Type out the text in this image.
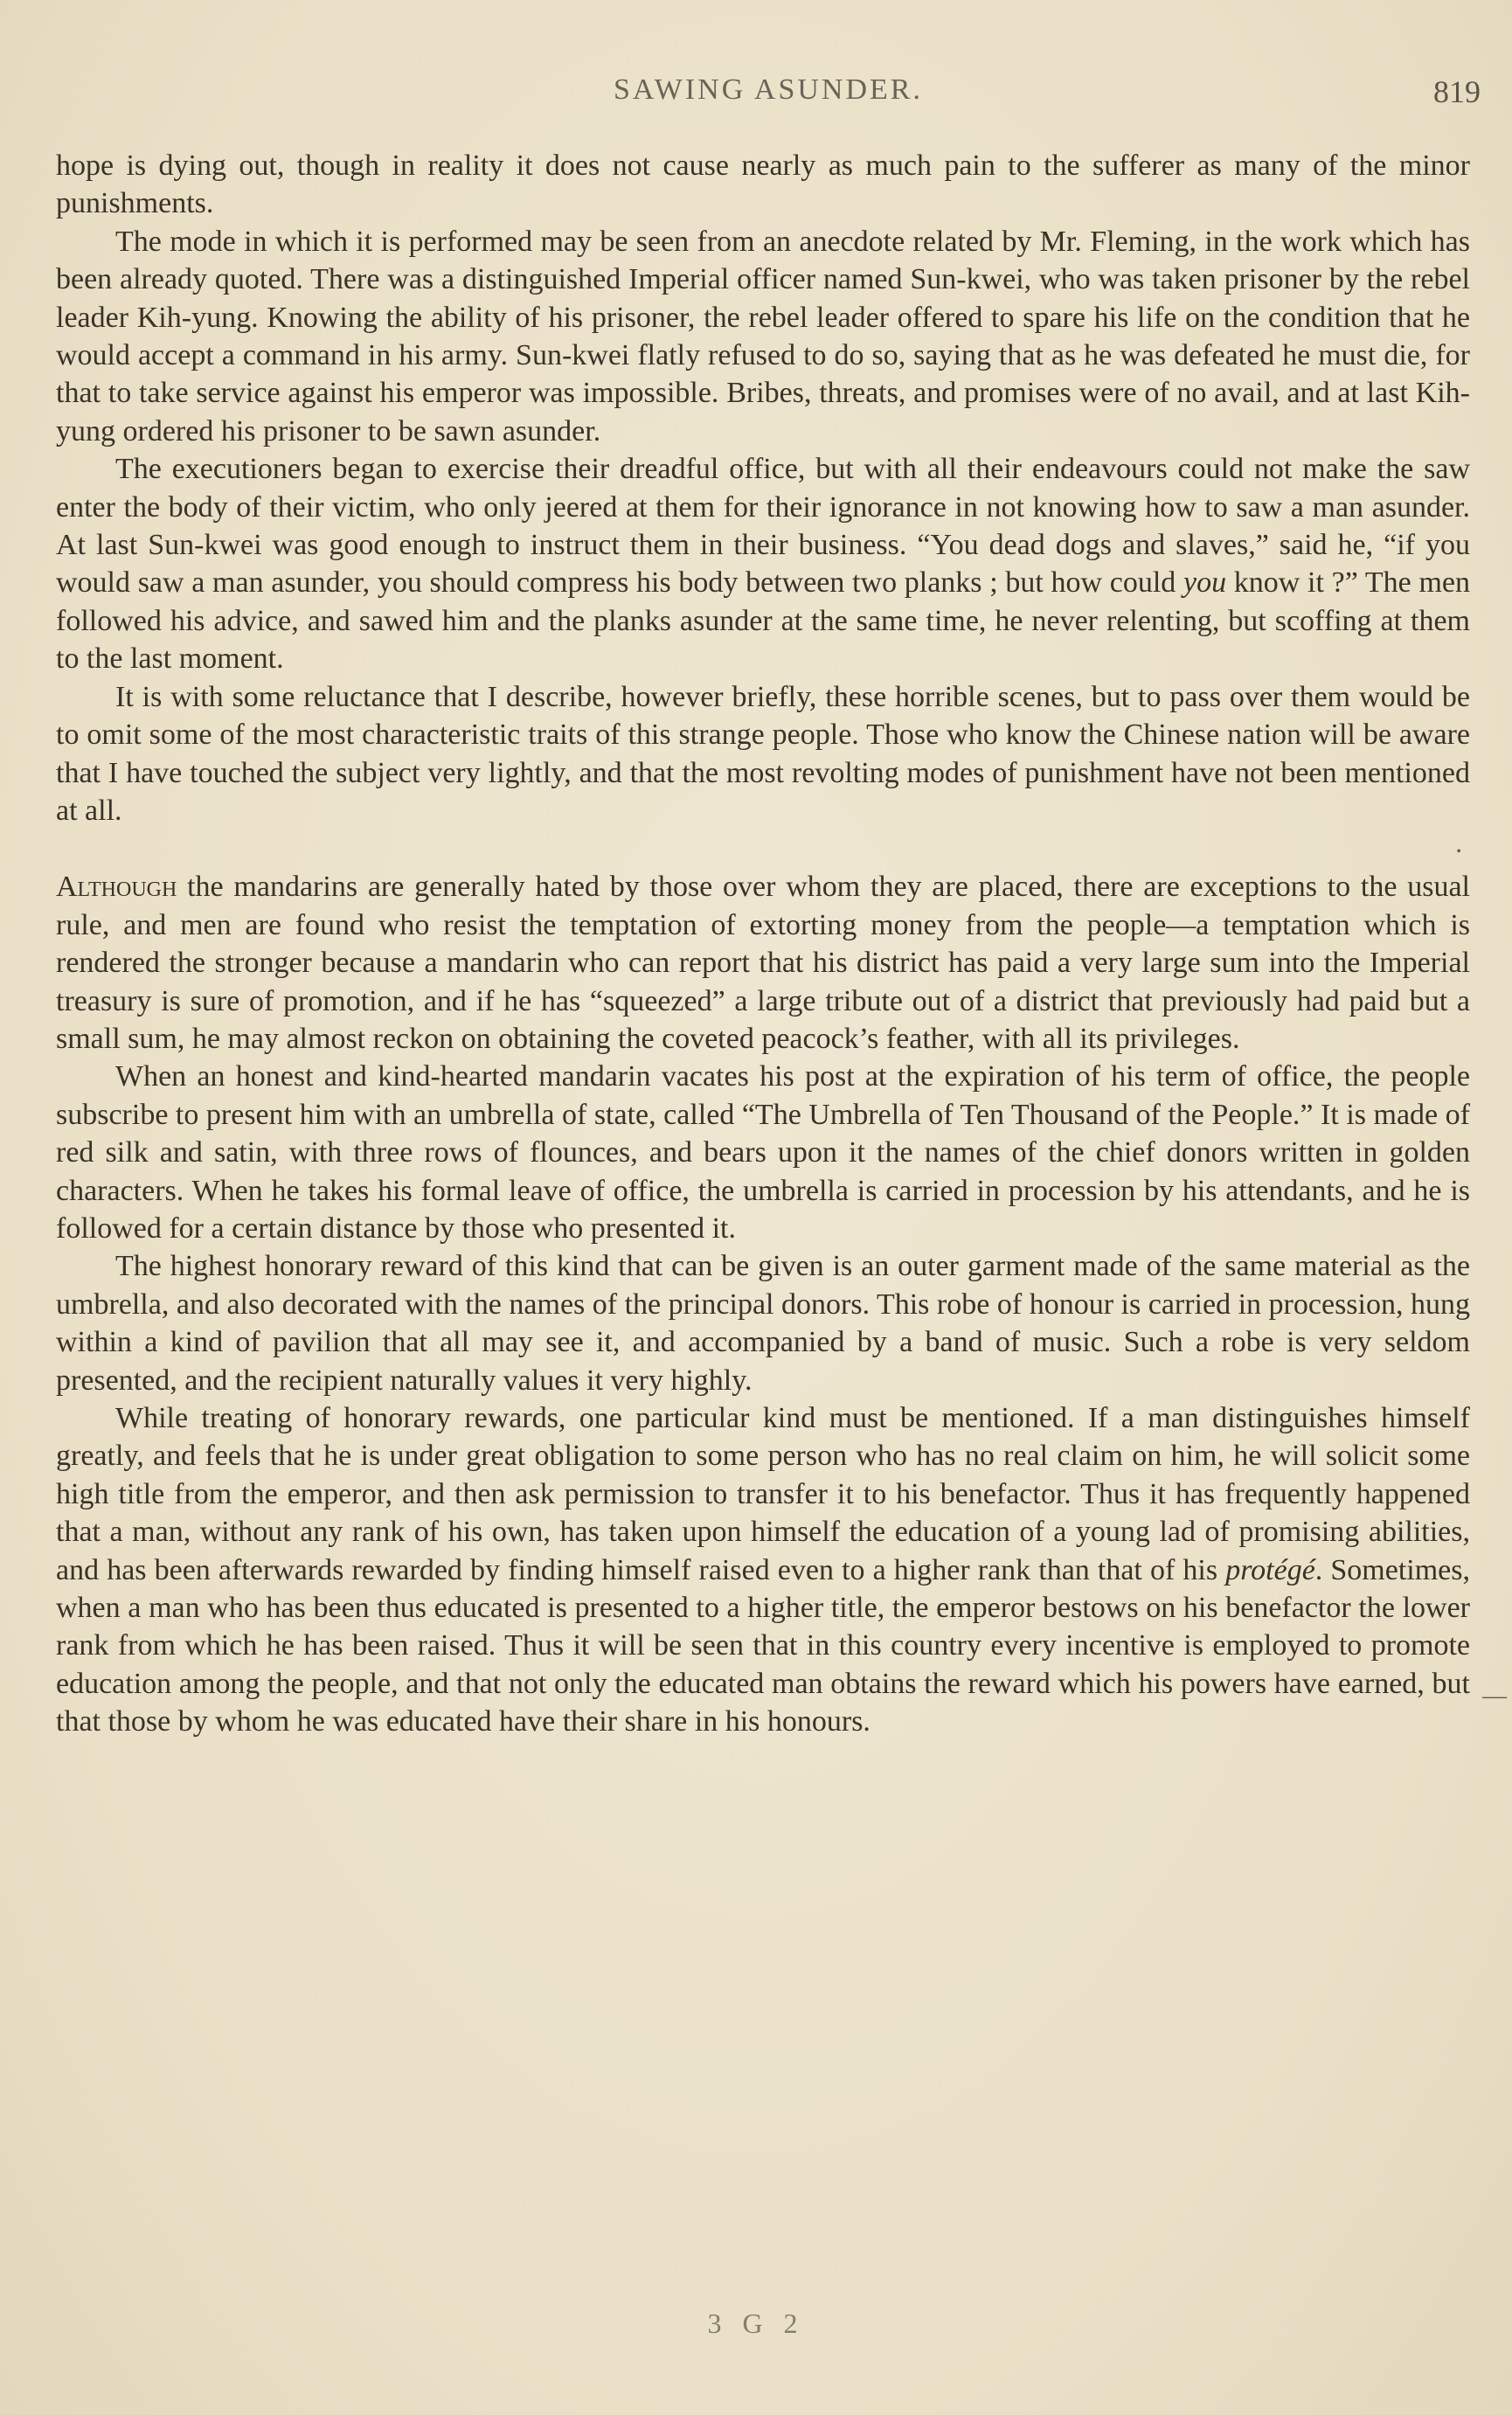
SAWING ASUNDER.	819

hope is dying out, though in reality it does not cause nearly as much pain to the sufferer as many of the minor punishments.

The mode in which it is performed may be seen from an anecdote related by Mr. Fleming, in the work which has been already quoted. There was a distinguished Imperial officer named Sun-kwei, who was taken prisoner by the rebel leader Kih-yung. Knowing the ability of his prisoner, the rebel leader offered to spare his life on the condition that he would accept a command in his army. Sun-kwei flatly refused to do so, saying that as he was defeated he must die, for that to take service against his emperor was impossible. Bribes, threats, and promises were of no avail, and at last Kih-yung ordered his prisoner to be sawn asunder.

The executioners began to exercise their dreadful office, but with all their endeavours could not make the saw enter the body of their victim, who only jeered at them for their ignorance in not knowing how to saw a man asunder. At last Sun-kwei was good enough to instruct them in their business. “You dead dogs and slaves,” said he, “if you would saw a man asunder, you should compress his body between two planks ; but how could you know it ?” The men followed his advice, and sawed him and the planks asunder at the same time, he never relenting, but scoffing at them to the last moment.

It is with some reluctance that I describe, however briefly, these horrible scenes, but to pass over them would be to omit some of the most characteristic traits of this strange people. Those who know the Chinese nation will be aware that I have touched the subject very lightly, and that the most revolting modes of punishment have not been mentioned at all.

•

Although the mandarins are generally hated by those over whom they are placed, there are exceptions to the usual rule, and men are found who resist the temptation of extorting money from the people—a temptation which is rendered the stronger because a mandarin who can report that his district has paid a very large sum into the Imperial treasury is sure of promotion, and if he has “squeezed” a large tribute out of a district that previously had paid but a small sum, he may almost reckon on obtaining the coveted peacock’s feather, with all its privileges.

When an honest and kind-hearted mandarin vacates his post at the expiration of his term of office, the people subscribe to present him with an umbrella of state, called “The Umbrella of Ten Thousand of the People.” It is made of red silk and satin, with three rows of flounces, and bears upon it the names of the chief donors written in golden characters. When he takes his formal leave of office, the umbrella is carried in procession by his attendants, and he is followed for a certain distance by those who presented it.

The highest honorary reward of this kind that can be given is an outer garment made of the same material as the umbrella, and also decorated with the names of the principal donors. This robe of honour is carried in procession, hung within a kind of pavilion that all may see it, and accompanied by a band of music. Such a robe is very seldom presented, and the recipient naturally values it very highly.

While treating of honorary rewards, one particular kind must be mentioned. If a man distinguishes himself greatly, and feels that he is under great obligation to some person who has no real claim on him, he will solicit some high title from the emperor, and then ask permission to transfer it to his benefactor. Thus it has frequently happened that a man, without any rank of his own, has taken upon himself the education of a young lad of promising abilities, and has been afterwards rewarded by finding himself raised even to a higher rank than that of his protégé. Sometimes, when a man who has been thus educated is presented to a higher title, the emperor bestows on his benefactor the lower rank from which he has been raised. Thus it will be seen that in this country every incentive is employed to promote education among the people, and that not only the educated man obtains the reward which his powers have earned, but that those by whom he was educated have their share in his honours.

—
3 G 2
